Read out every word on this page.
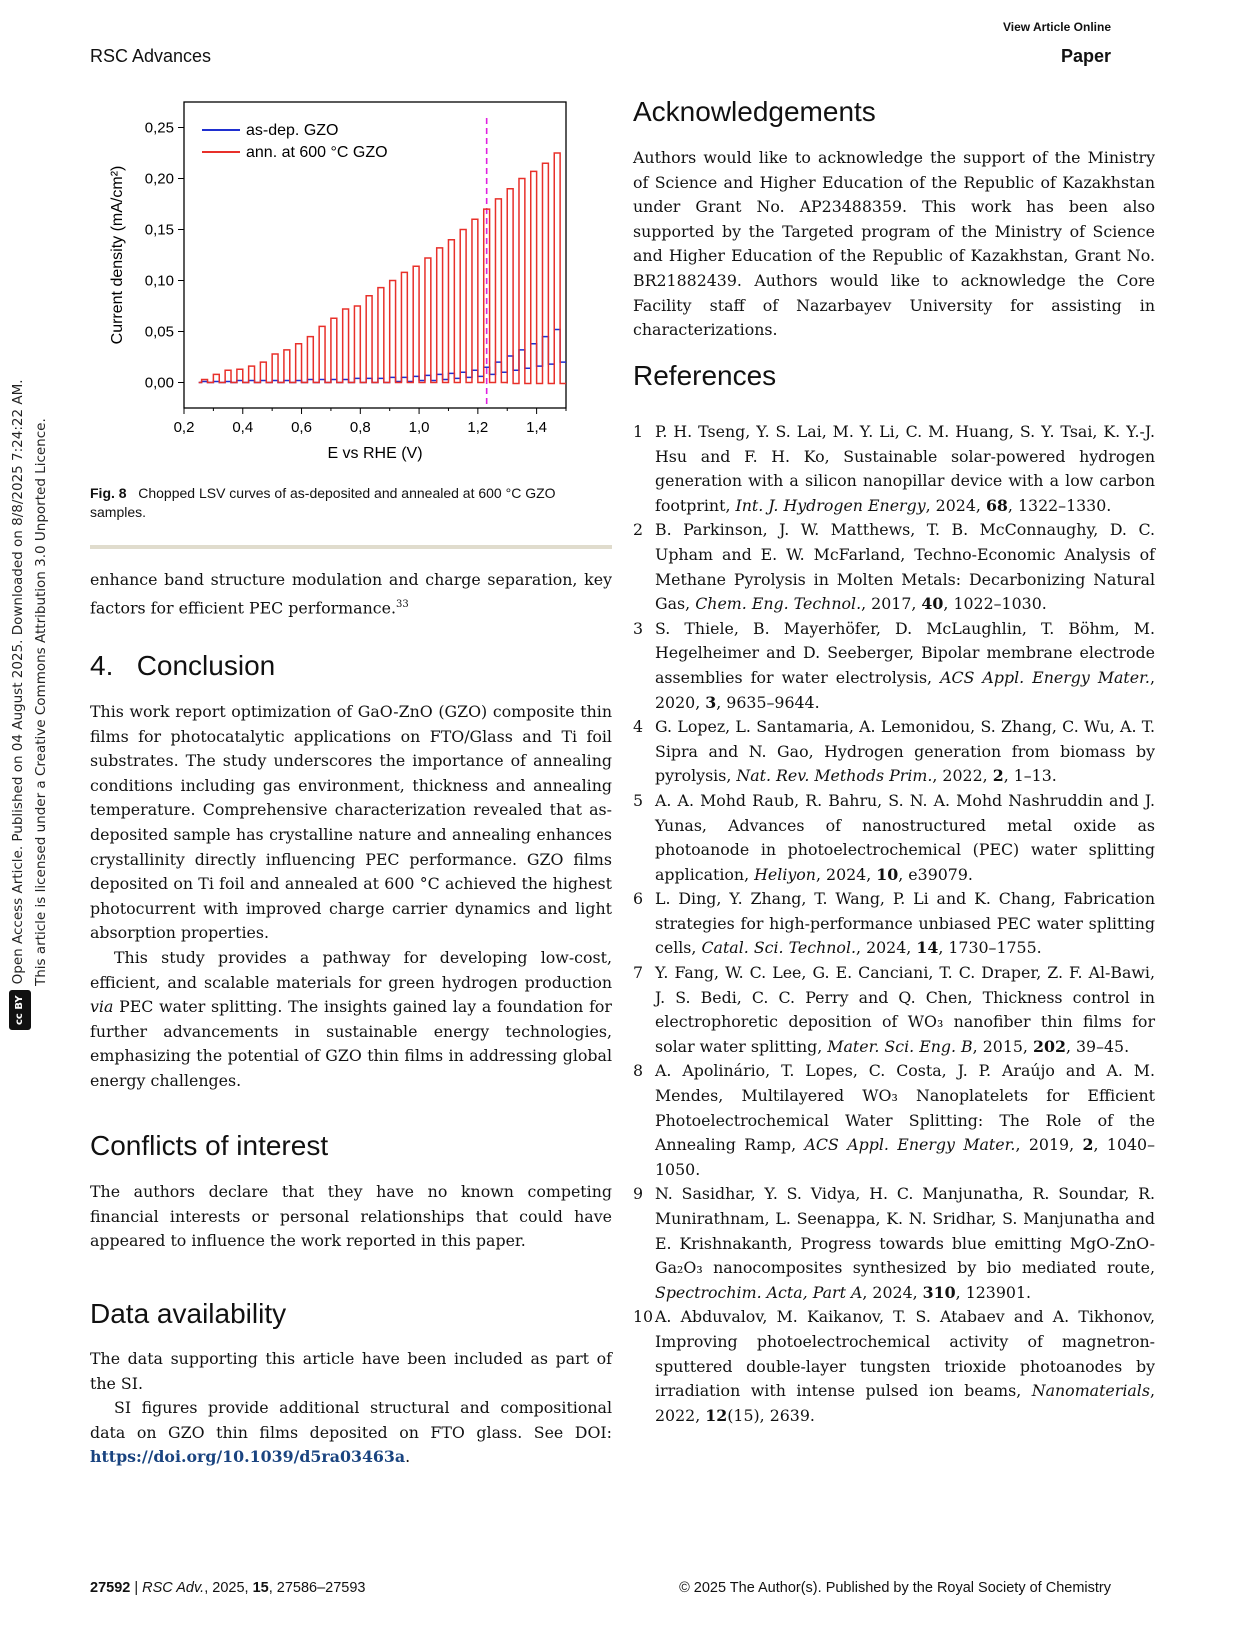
View Article Online
RSC Advances	Paper
cc BYOpen Access Article. Published on 04 August 2025. Downloaded on 8/8/2025 7:24:22 AM. This article is licensed under a Creative Commons Attribution 3.0 Unported Licence.	0,2	0,4	0,6	0,8	1,0	1,2	1,4
0,00
0,05
0,10
0,15
0,20
0,25
E vs RHE (V)
Current density (mA/cm²)
as-dep. GZO
ann. at 600 °C GZO
Fig. 8 Chopped LSV curves of as-deposited and annealed at 600 °C GZO samples.

enhance band structure modulation and charge separation, key factors for efficient PEC performance.$^{33}$

4.   Conclusion

This work report optimization of GaO-ZnO (GZO) composite thin films for photocatalytic applications on FTO/Glass and Ti foil substrates. The study underscores the importance of annealing conditions including gas environment, thickness and annealing temperature. Comprehensive characterization revealed that as-deposited sample has crystalline nature and annealing enhances crystallinity directly influencing PEC performance. GZO films deposited on Ti foil and annealed at 600 °C achieved the highest photocurrent with improved charge carrier dynamics and light absorption properties.

This study provides a pathway for developing low-cost, efficient, and scalable materials for green hydrogen production via PEC water splitting. The insights gained lay a foundation for further advancements in sustainable energy technologies, emphasizing the potential of GZO thin films in addressing global energy challenges.

Conflicts of interest

The authors declare that they have no known competing financial interests or personal relationships that could have appeared to influence the work reported in this paper.

Data availability

The data supporting this article have been included as part of the SI.

SI figures provide additional structural and compositional data on GZO thin films deposited on FTO glass. See DOI: https://doi.org/10.1039/d5ra03463a.

Acknowledgements

Authors would like to acknowledge the support of the Ministry of Science and Higher Education of the Republic of Kazakhstan under Grant No. AP23488359. This work has been also supported by the Targeted program of the Ministry of Science and Higher Education of the Republic of Kazakhstan, Grant No. BR21882439. Authors would like to acknowledge the Core Facility staff of Nazarbayev University for assisting in characterizations.

References
1 P. H. Tseng, Y. S. Lai, M. Y. Li, C. M. Huang, S. Y. Tsai, K. Y.-J. Hsu and F. H. Ko, Sustainable solar-powered hydrogen generation with a silicon nanopillar device with a low carbon footprint, Int. J. Hydrogen Energy, 2024, 68, 1322–1330.
2 B. Parkinson, J. W. Matthews, T. B. McConnaughy, D. C. Upham and E. W. McFarland, Techno-Economic Analysis of Methane Pyrolysis in Molten Metals: Decarbonizing Natural Gas, Chem. Eng. Technol., 2017, 40, 1022–1030.
3 S. Thiele, B. Mayerhöfer, D. McLaughlin, T. Böhm, M. Hegelheimer and D. Seeberger, Bipolar membrane electrode assemblies for water electrolysis, ACS Appl. Energy Mater., 2020, 3, 9635–9644.
4 G. Lopez, L. Santamaria, A. Lemonidou, S. Zhang, C. Wu, A. T. Sipra and N. Gao, Hydrogen generation from biomass by pyrolysis, Nat. Rev. Methods Prim., 2022, 2, 1–13.
5 A. A. Mohd Raub, R. Bahru, S. N. A. Mohd Nashruddin and J. Yunas, Advances of nanostructured metal oxide as photoanode in photoelectrochemical (PEC) water splitting application, Heliyon, 2024, 10, e39079.
6 L. Ding, Y. Zhang, T. Wang, P. Li and K. Chang, Fabrication strategies for high-performance unbiased PEC water splitting cells, Catal. Sci. Technol., 2024, 14, 1730–1755.
7 Y. Fang, W. C. Lee, G. E. Canciani, T. C. Draper, Z. F. Al-Bawi, J. S. Bedi, C. C. Perry and Q. Chen, Thickness control in electrophoretic deposition of WO₃ nanofiber thin films for solar water splitting, Mater. Sci. Eng. B, 2015, 202, 39–45.
8 A. Apolinário, T. Lopes, C. Costa, J. P. Araújo and A. M. Mendes, Multilayered WO₃ Nanoplatelets for Efficient Photoelectrochemical Water Splitting: The Role of the Annealing Ramp, ACS Appl. Energy Mater., 2019, 2, 1040–1050.
9 N. Sasidhar, Y. S. Vidya, H. C. Manjunatha, R. Soundar, R. Munirathnam, L. Seenappa, K. N. Sridhar, S. Manjunatha and E. Krishnakanth, Progress towards blue emitting MgO-ZnO-Ga₂O₃ nanocomposites synthesized by bio mediated route, Spectrochim. Acta, Part A, 2024, 310, 123901.
10 A. Abduvalov, M. Kaikanov, T. S. Atabaev and A. Tikhonov, Improving photoelectrochemical activity of magnetron-sputtered double-layer tungsten trioxide photoanodes by irradiation with intense pulsed ion beams, Nanomaterials, 2022, 12(15), 2639.
27592 | RSC Adv., 2025, 15, 27586–27593	© 2025 The Author(s). Published by the Royal Society of Chemistry
